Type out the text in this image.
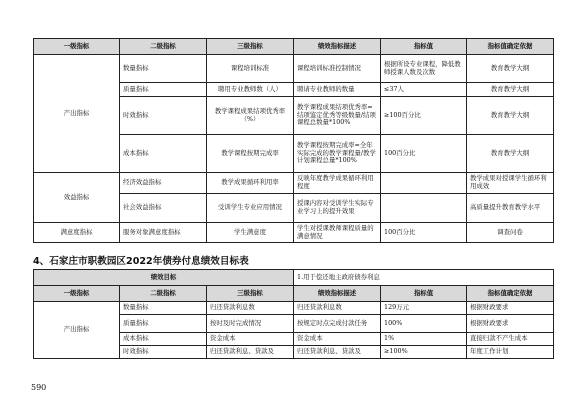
一级指标	二级指标	三级指标	绩效指标描述	指标值	指标值确定依据
产出指标	数量指标	课程培训标准	课程培训标准控制情况	根据所设专业课程，降低教师授课人数及次数	教育教学大纲
	质量指标	聘用专业教师数（人）	聘请专业教师的数量	≤37人	教育教学大纲
	时效指标	教学课程成果结项优秀率（%）	教学课程成果结项优秀率=结项鉴定优秀等级数量/结项课程总数量*100%	≥100百分比	教育教学大纲
	成本指标	教学课程按期完成率	教学课程按期完成率=全年实际完成的教学课程量/教学计划课程总量*100%	100百分比	教育教学大纲
效益指标	经济效益指标	教学成果循环利用率	反映年度教学成果循环利用程度		教学成果对授课学生循环利用成效
	社会效益指标	受训学生专业应用情况	授课内容对受训学生实际专业学习上的提升效果		高质量提升教育教学水平
满意度指标	服务对象满意度指标	学生满意度	学生对授课教师课程质量的满意情况	100百分比	调查问卷
4、石家庄市职教园区2022年债券付息绩效目标表
绩效目标			1.用于偿还地主政府债券利息		
一级指标	二级指标	三级指标	绩效指标描述	指标值	指标值确定依据
产出指标	数量指标	归还贷款利息数	归还贷款利息数	129万元	根据财政要求
	质量指标	按时及时完成情况	按规定时点完成付款任务	100%	根据财政要求
	成本指标	资金成本	资金成本	1%	直接归款不产生成本
	时效指标	归还贷款利息、贷款及	归还贷款利息、贷款及	≥100%	年度工作计划
590
